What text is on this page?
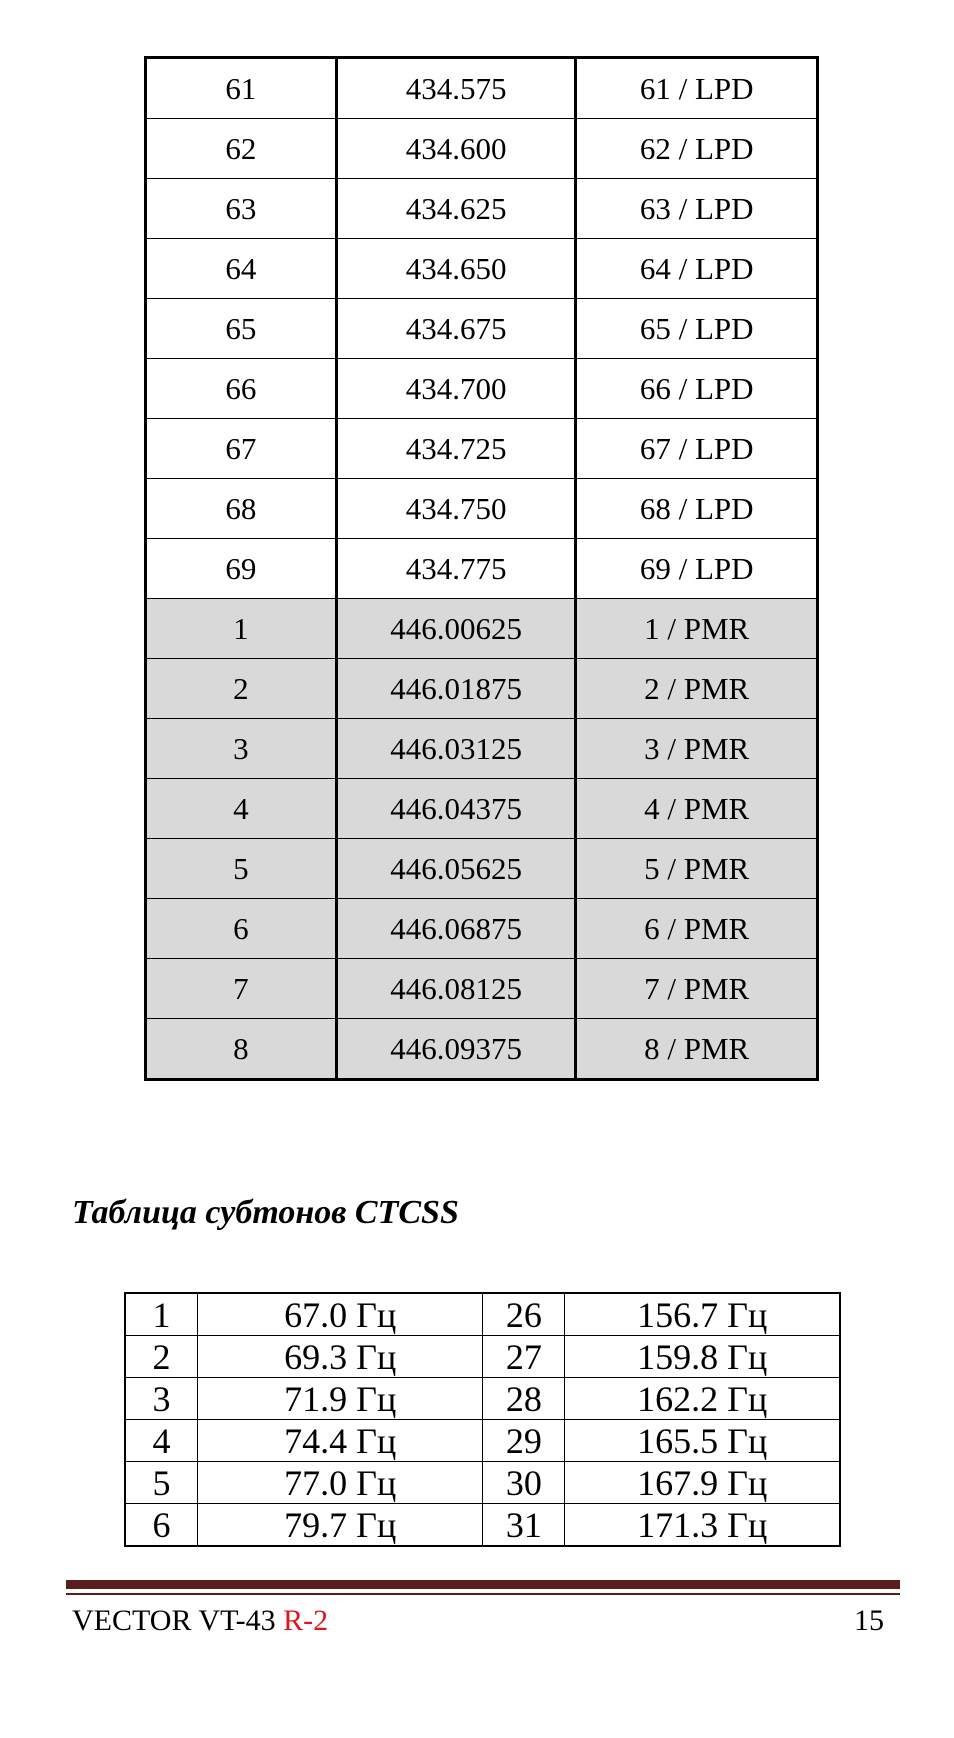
61	434.575	61 / LPD
62	434.600	62 / LPD
63	434.625	63 / LPD
64	434.650	64 / LPD
65	434.675	65 / LPD
66	434.700	66 / LPD
67	434.725	67 / LPD
68	434.750	68 / LPD
69	434.775	69 / LPD
1	446.00625	1 / PMR
2	446.01875	2 / PMR
3	446.03125	3 / PMR
4	446.04375	4 / PMR
5	446.05625	5 / PMR
6	446.06875	6 / PMR
7	446.08125	7 / PMR
8	446.09375	8 / PMR
Таблица субтонов CTCSS
1	67.0 Гц	26	156.7 Гц
2	69.3 Гц	27	159.8 Гц
3	71.9 Гц	28	162.2 Гц
4	74.4 Гц	29	165.5 Гц
5	77.0 Гц	30	167.9 Гц
6	79.7 Гц	31	171.3 Гц
VECTOR VT-43 R-2	15
